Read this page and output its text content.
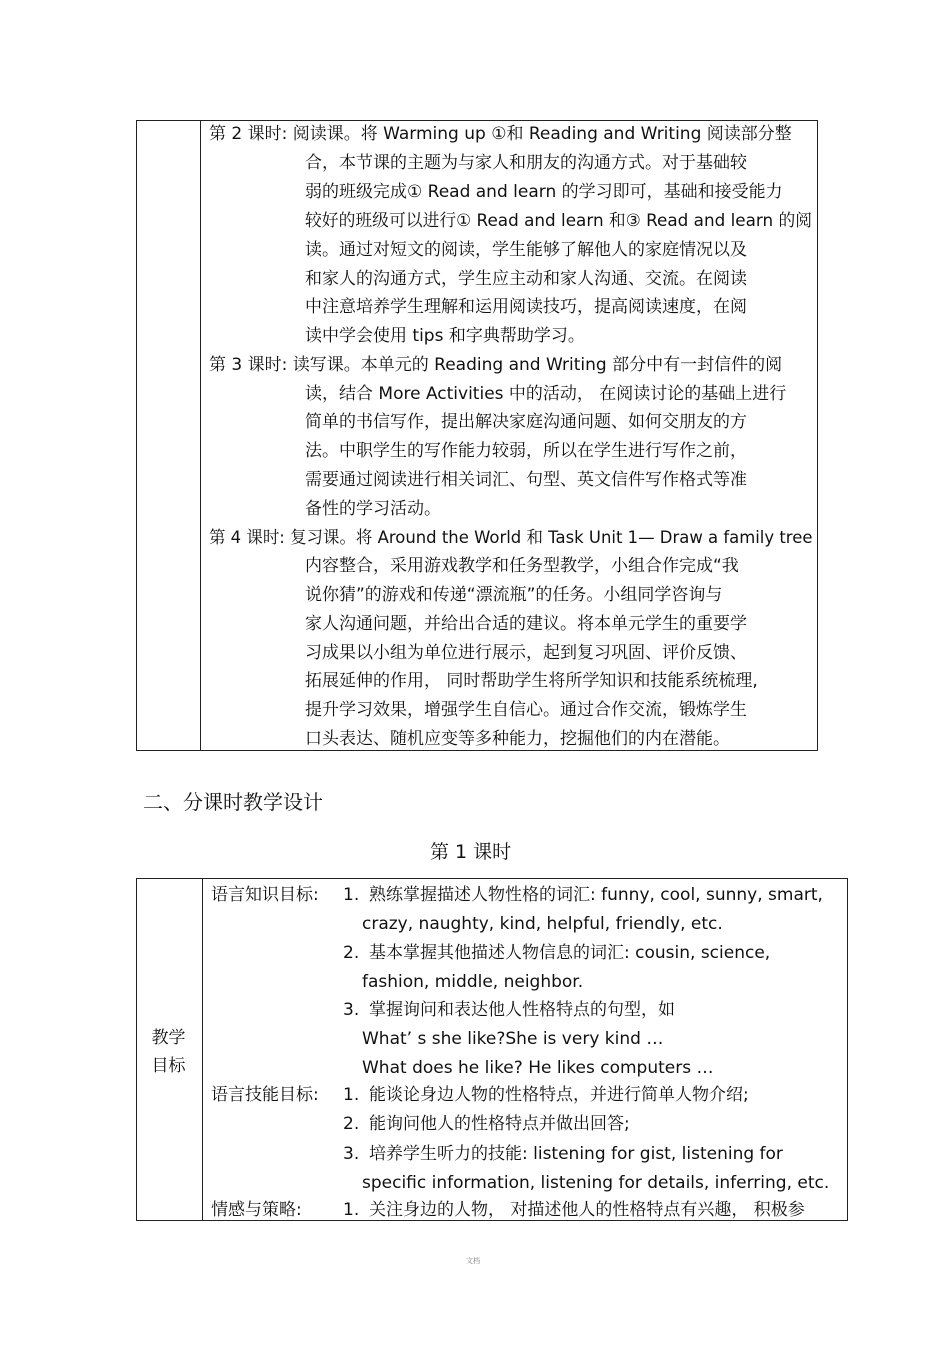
第 2 课时: 阅读课。将 Warming up ①和 Reading and Writing 阅读部分整
合，本节课的主题为与家人和朋友的沟通方式。对于基础较
弱的班级完成① Read and learn 的学习即可，基础和接受能力
较好的班级可以进行① Read and learn 和③ Read and learn 的阅
读。通过对短文的阅读，学生能够了解他人的家庭情况以及
和家人的沟通方式，学生应主动和家人沟通、交流。在阅读
中注意培养学生理解和运用阅读技巧，提高阅读速度，在阅
读中学会使用 tips 和字典帮助学习。
第 3 课时: 读写课。本单元的 Reading and Writing 部分中有一封信件的阅
读，结合 More Activities 中的活动， 在阅读讨论的基础上进行
简单的书信写作，提出解决家庭沟通问题、如何交朋友的方
法。中职学生的写作能力较弱，所以在学生进行写作之前，
需要通过阅读进行相关词汇、句型、英文信件写作格式等准
备性的学习活动。
第 4 课时: 复习课。将 Around the World 和 Task Unit 1— Draw a family tree
内容整合，采用游戏教学和任务型教学，小组合作完成“我
说你猜”的游戏和传递“漂流瓶”的任务。小组同学咨询与
家人沟通问题，并给出合适的建议。将本单元学生的重要学
习成果以小组为单位进行展示，起到复习巩固、评价反馈、
拓展延伸的作用， 同时帮助学生将所学知识和技能系统梳理,
提升学习效果，增强学生自信心。通过合作交流，锻炼学生
口头表达、随机应变等多种能力，挖掘他们的内在潜能。
二、分课时教学设计
第 1 课时
教学
目标
语言知识目标: 1. 熟练掌握描述人物性格的词汇: funny, cool, sunny, smart,
crazy, naughty, kind, helpful, friendly, etc.
2. 基本掌握其他描述人物信息的词汇: cousin, science,
fashion, middle, neighbor.
3. 掌握询问和表达他人性格特点的句型，如
What’ s she like?She is very kind …
What does he like? He likes computers …
语言技能目标: 1. 能谈论身边人物的性格特点，并进行简单人物介绍;
2. 能询问他人的性格特点并做出回答;
3. 培养学生听力的技能: listening for gist, listening for
specific information, listening for details, inferring, etc.
情感与策略: 1. 关注身边的人物， 对描述他人的性格特点有兴趣， 积极参
文档
